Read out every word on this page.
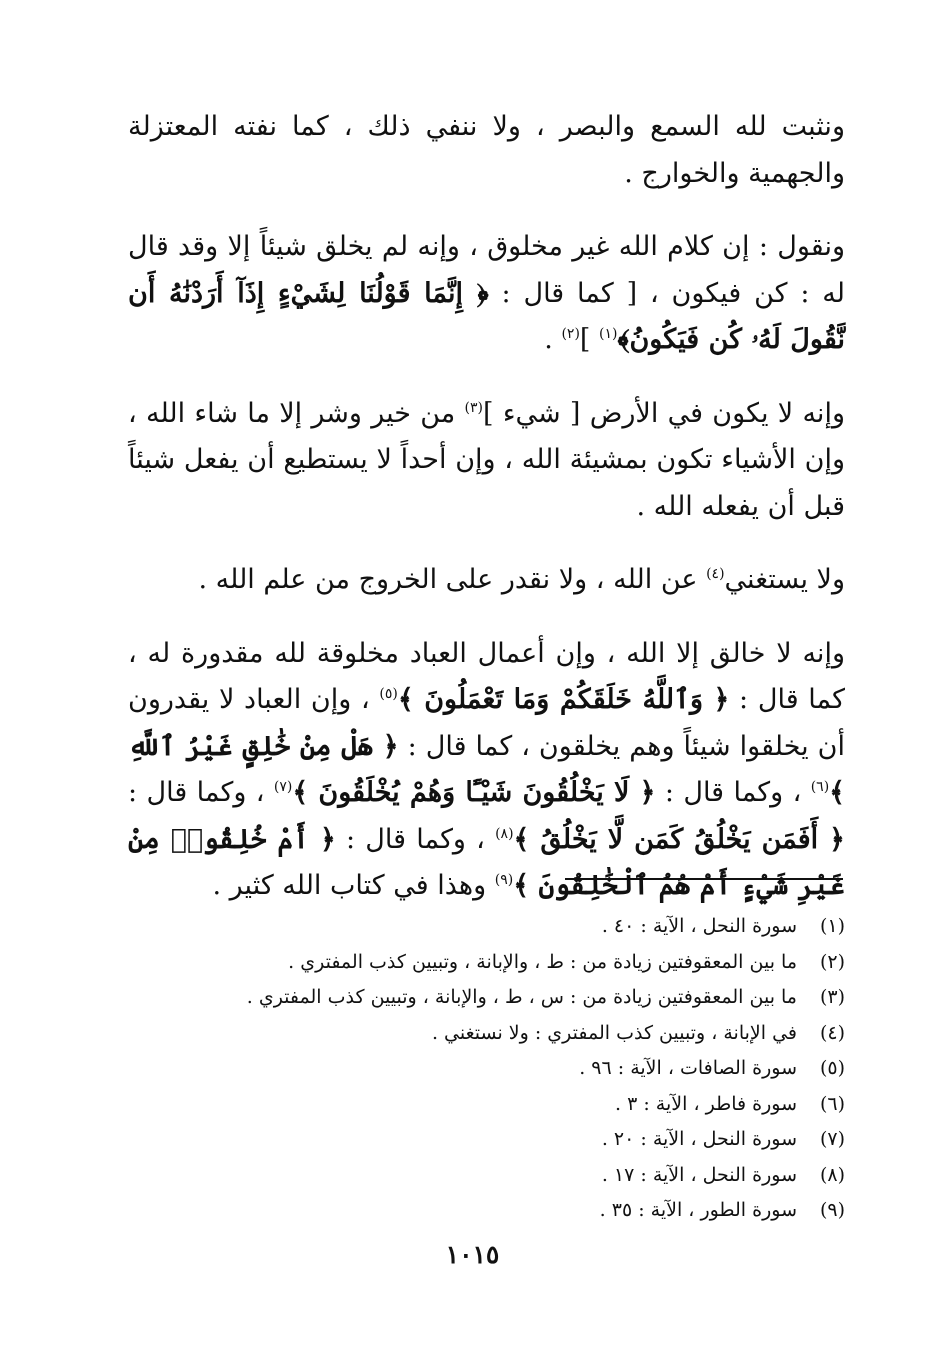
ونثبت لله السمع والبصر ، ولا ننفي ذلك ، كما نفته المعتزلة والجهمية والخوارج .

ونقول : إن كلام الله غير مخلوق ، وإنه لم يخلق شيئاً إلا وقد قال له : كن فيكون ، [ كما قال : ﴿ إِنَّمَا قَوْلُنَا لِشَيْءٍ إِذَآ أَرَدْنَٰهُ أَن نَّقُولَ لَهُۥ كُن فَيَكُونُ﴾$^{(١)}$ ]$^{(٢)}$ .

وإنه لا يكون في الأرض [ شيء ]$^{(٣)}$ من خير وشر إلا ما شاء الله ، وإن الأشياء تكون بمشيئة الله ، وإن أحداً لا يستطيع أن يفعل شيئاً قبل أن يفعله الله .

ولا يستغني$^{(٤)}$ عن الله ، ولا نقدر على الخروج من علم الله .

وإنه لا خالق إلا الله ، وإن أعمال العباد مخلوقة لله مقدورة له ، كما قال : ﴿ وَٱللَّهُ خَلَقَكُمْ وَمَا تَعْمَلُونَ ﴾$^{(٥)}$ ، وإن العباد لا يقدرون أن يخلقوا شيئاً وهم يخلقون ، كما قال : ﴿ هَلْ مِنْ خَٰلِقٍ غَيْرُ ٱللَّهِ ﴾$^{(٦)}$ ، وكما قال : ﴿ لَا يَخْلُقُونَ شَيْـًٔا وَهُمْ يُخْلَقُونَ ﴾$^{(٧)}$ ، وكما قال : ﴿ أَفَمَن يَخْلُقُ كَمَن لَّا يَخْلُقُ ﴾$^{(٨)}$ ، وكما قال : ﴿ أَمْ خُلِقُوا۟ مِنْ غَيْرِ شَيْءٍ أَمْ هُمُ ٱلْخَٰلِقُونَ ﴾$^{(٩)}$ وهذا في كتاب الله كثير .

(١)
سورة النحل ، الآية : ٤٠ .
(٢)
ما بين المعقوفتين زيادة من : ط ، والإبانة ، وتبيين كذب المفتري .
(٣)
ما بين المعقوفتين زيادة من : س ، ط ، والإبانة ، وتبيين كذب المفتري .
(٤)
في الإبانة ، وتبيين كذب المفتري : ولا نستغني .
(٥)
سورة الصافات ، الآية : ٩٦ .
(٦)
سورة فاطر ، الآية : ٣ .
(٧)
سورة النحل ، الآية : ٢٠ .
(٨)
سورة النحل ، الآية : ١٧ .
(٩)
سورة الطور ، الآية : ٣٥ .
١٠١٥
